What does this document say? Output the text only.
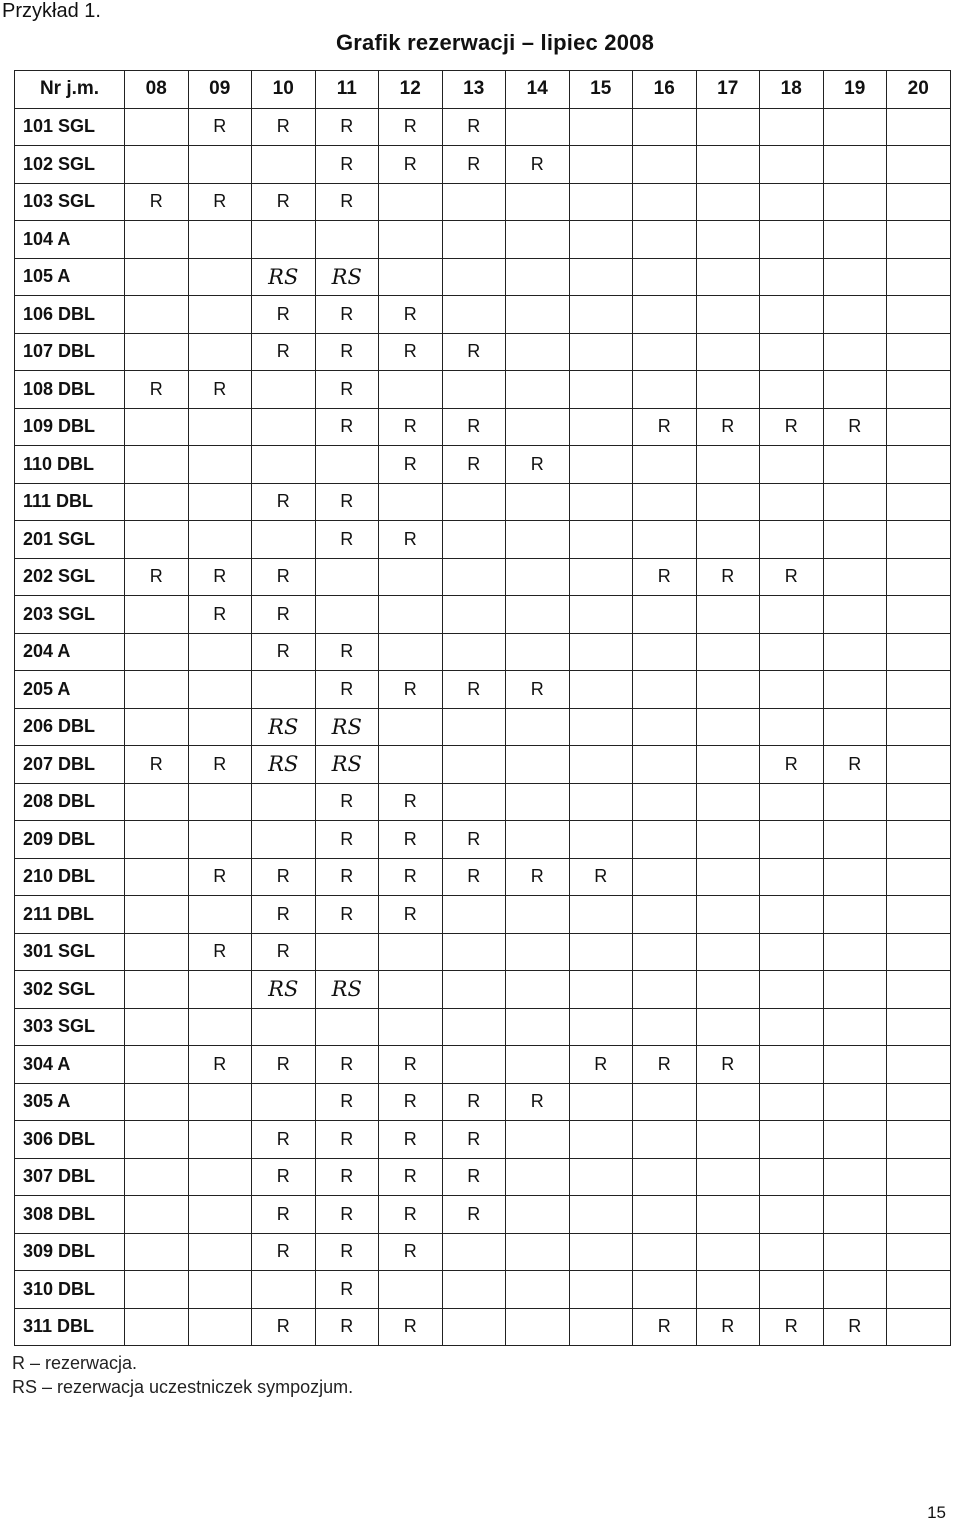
Przykład 1.
Grafik rezerwacji – lipiec 2008
Nr j.m.	08	09	10	11	12	13	14	15	16	17	18	19	20
101 SGL		R	R	R	R	R							
102 SGL				R	R	R	R						
103 SGL	R	R	R	R									
104 A													
105 A			RS	RS									
106 DBL			R	R	R								
107 DBL			R	R	R	R							
108 DBL	R	R		R									
109 DBL				R	R	R			R	R	R	R	
110 DBL					R	R	R						
111 DBL			R	R									
201 SGL				R	R								
202 SGL	R	R	R						R	R	R		
203 SGL		R	R										
204 A			R	R									
205 A				R	R	R	R						
206 DBL			RS	RS									
207 DBL	R	R	RS	RS							R	R	
208 DBL				R	R								
209 DBL				R	R	R							
210 DBL		R	R	R	R	R	R	R					
211 DBL			R	R	R								
301 SGL		R	R										
302 SGL			RS	RS									
303 SGL													
304 A		R	R	R	R			R	R	R			
305 A				R	R	R	R						
306 DBL			R	R	R	R							
307 DBL			R	R	R	R							
308 DBL			R	R	R	R							
309 DBL			R	R	R								
310 DBL				R									
311 DBL			R	R	R				R	R	R	R	
R – rezerwacja.
RS – rezerwacja uczestniczek sympozjum.
15
